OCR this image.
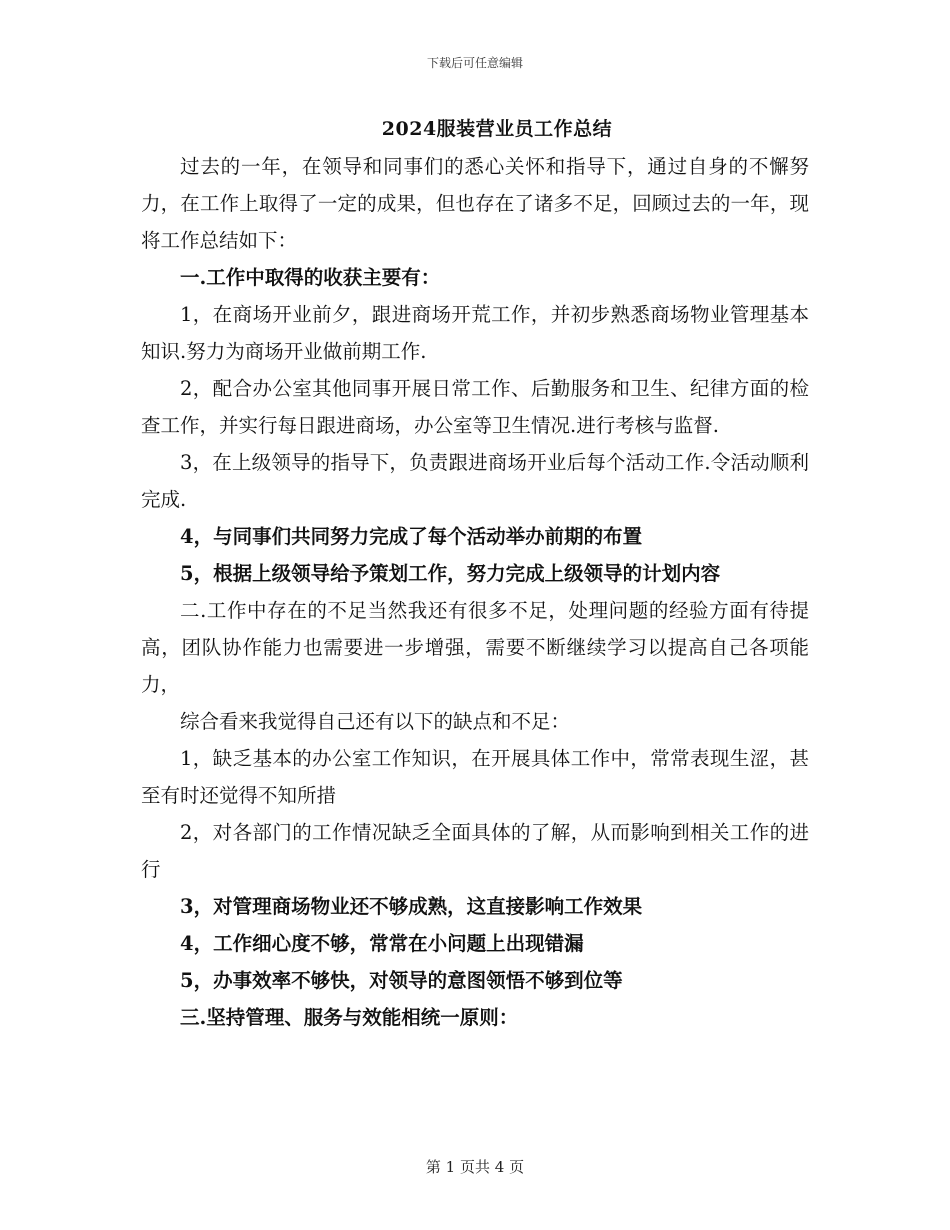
下载后可任意编辑
2024服装营业员工作总结

过去的一年，在领导和同事们的悉心关怀和指导下，通过自身的不懈努力，在工作上取得了一定的成果，但也存在了诸多不足，回顾过去的一年，现将工作总结如下：

一.工作中取得的收获主要有：

1，在商场开业前夕，跟进商场开荒工作，并初步熟悉商场物业管理基本知识.努力为商场开业做前期工作.

2，配合办公室其他同事开展日常工作、后勤服务和卫生、纪律方面的检查工作，并实行每日跟进商场，办公室等卫生情况.进行考核与监督.

3，在上级领导的指导下，负责跟进商场开业后每个活动工作.令活动顺利完成.

4，与同事们共同努力完成了每个活动举办前期的布置

5，根据上级领导给予策划工作，努力完成上级领导的计划内容

二.工作中存在的不足当然我还有很多不足，处理问题的经验方面有待提高，团队协作能力也需要进一步增强，需要不断继续学习以提高自己各项能力，

综合看来我觉得自己还有以下的缺点和不足：

1，缺乏基本的办公室工作知识，在开展具体工作中，常常表现生涩，甚至有时还觉得不知所措

2，对各部门的工作情况缺乏全面具体的了解，从而影响到相关工作的进行

3，对管理商场物业还不够成熟，这直接影响工作效果

4，工作细心度不够，常常在小问题上出现错漏

5，办事效率不够快，对领导的意图领悟不够到位等

三.坚持管理、服务与效能相统一原则：

第 1 页共 4 页
